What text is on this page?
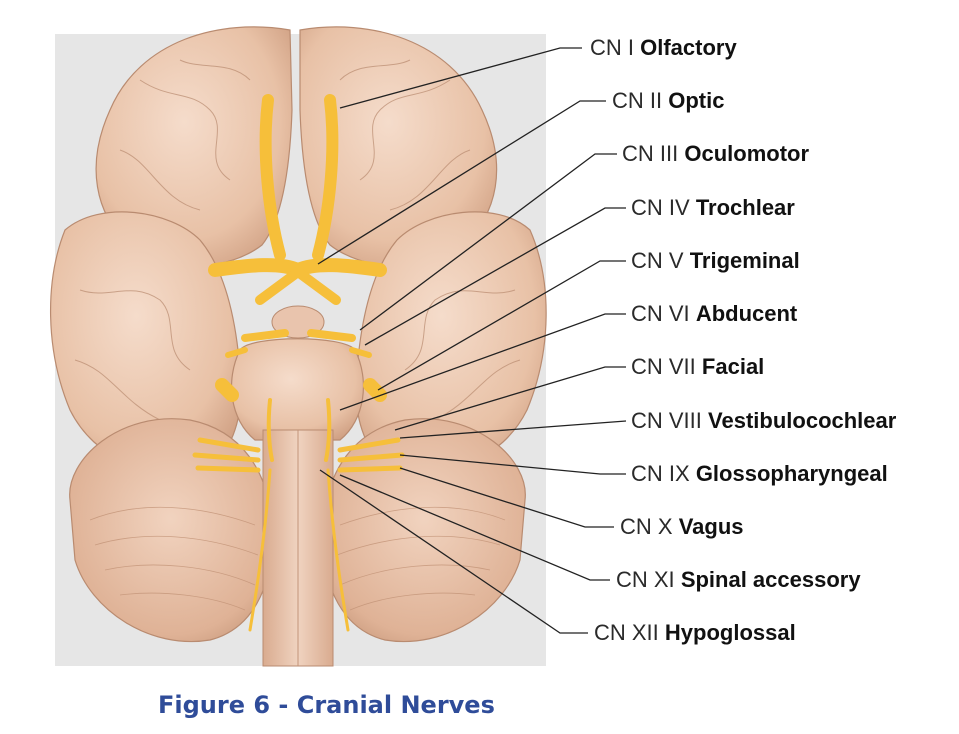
CN I Olfactory
CN II Optic
CN III Oculomotor
CN IV Trochlear
CN V Trigeminal
CN VI Abducent
CN VII Facial
CN VIII Vestibulocochlear
CN IX Glossopharyngeal
CN X Vagus
CN XI Spinal accessory
CN XII Hypoglossal
Figure 6 - Cranial Nerves
